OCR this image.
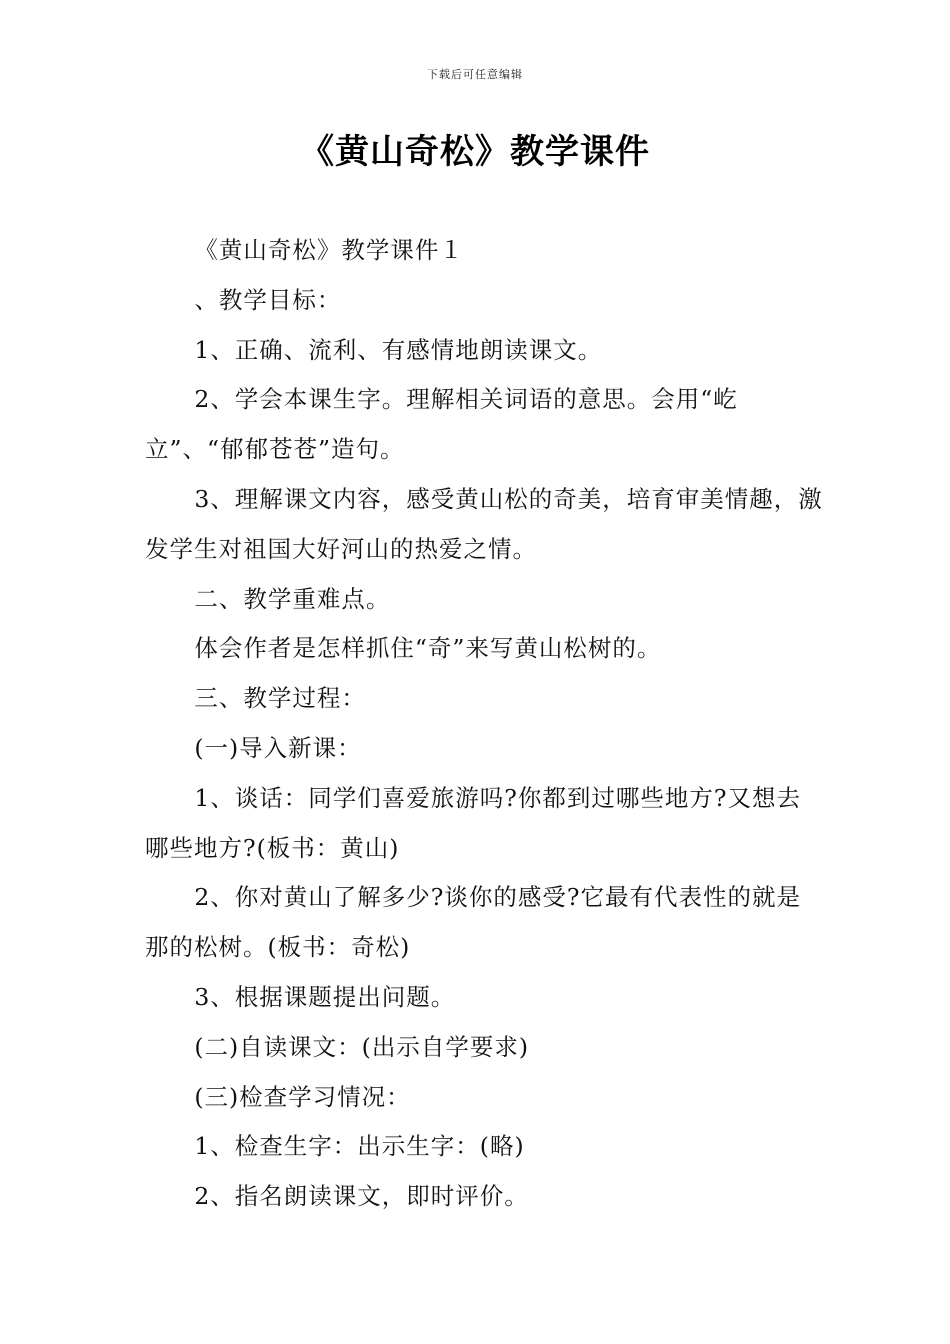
下载后可任意编辑
《黄山奇松》教学课件

《黄山奇松》教学课件１

、教学目标：

1、正确、流利、有感情地朗读课文。

2、学会本课生字。理解相关词语的意思。会用“屹立”、“郁郁苍苍”造句。

3、理解课文内容，感受黄山松的奇美，培育审美情趣，激发学生对祖国大好河山的热爱之情。

二、教学重难点。

体会作者是怎样抓住“奇”来写黄山松树的。

三、教学过程：

(一)导入新课：

1、谈话：同学们喜爱旅游吗?你都到过哪些地方?又想去哪些地方?(板书：黄山)

2、你对黄山了解多少?谈你的感受?它最有代表性的就是那的松树。(板书：奇松)

3、根据课题提出问题。

(二)自读课文：(出示自学要求)

(三)检查学习情况：

1、检查生字：出示生字：(略)

2、指名朗读课文，即时评价。
